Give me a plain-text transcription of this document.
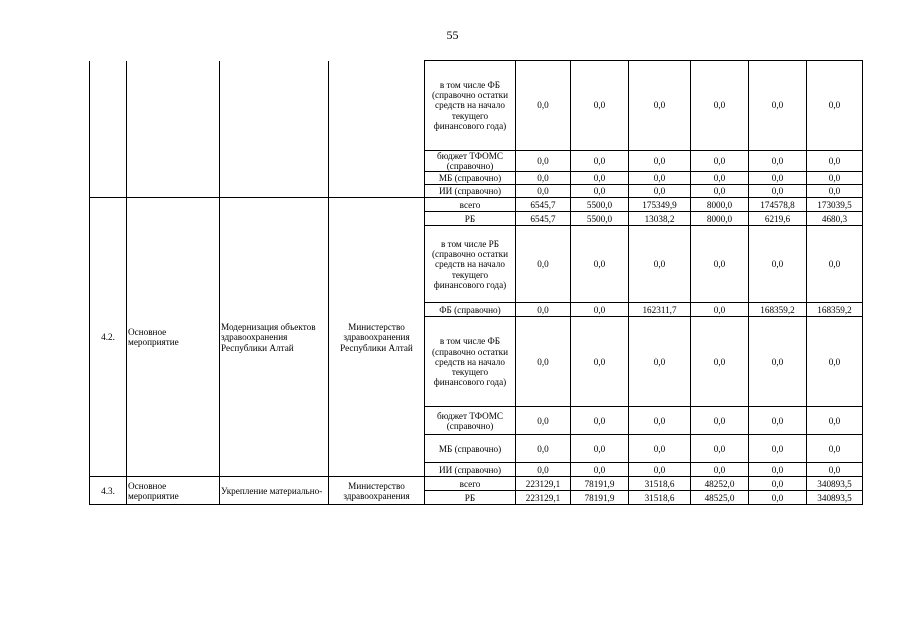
55
				в том числе ФБ (справочно остатки средств на начало текущего финансового года)	0,0	0,0	0,0	0,0	0,0	0,0
				бюджет ТФОМС (справочно)	0,0	0,0	0,0	0,0	0,0	0,0
				МБ (справочно)	0,0	0,0	0,0	0,0	0,0	0,0
				ИИ (справочно)	0,0	0,0	0,0	0,0	0,0	0,0
4.2.	Основное мероприятие	Модернизация объектов здравоохранения Республики Алтай	Министерство здравоохранения Республики Алтай	всего	6545,7	5500,0	175349,9	8000,0	174578,8	173039,5
				РБ	6545,7	5500,0	13038,2	8000,0	6219,6	4680,3
				в том числе РБ (справочно остатки средств на начало текущего финансового года)	0,0	0,0	0,0	0,0	0,0	0,0
				ФБ (справочно)	0,0	0,0	162311,7	0,0	168359,2	168359,2
				в том числе ФБ (справочно остатки средств на начало текущего финансового года)	0,0	0,0	0,0	0,0	0,0	0,0
				бюджет ТФОМС (справочно)	0,0	0,0	0,0	0,0	0,0	0,0
				МБ (справочно)	0,0	0,0	0,0	0,0	0,0	0,0
				ИИ (справочно)	0,0	0,0	0,0	0,0	0,0	0,0
4.3.	Основное мероприятие	Укрепление материально-	Министерство здравоохранения	всего	223129,1	78191,9	31518,6	48252,0	0,0	340893,5
				РБ	223129,1	78191,9	31518,6	48525,0	0,0	340893,5
